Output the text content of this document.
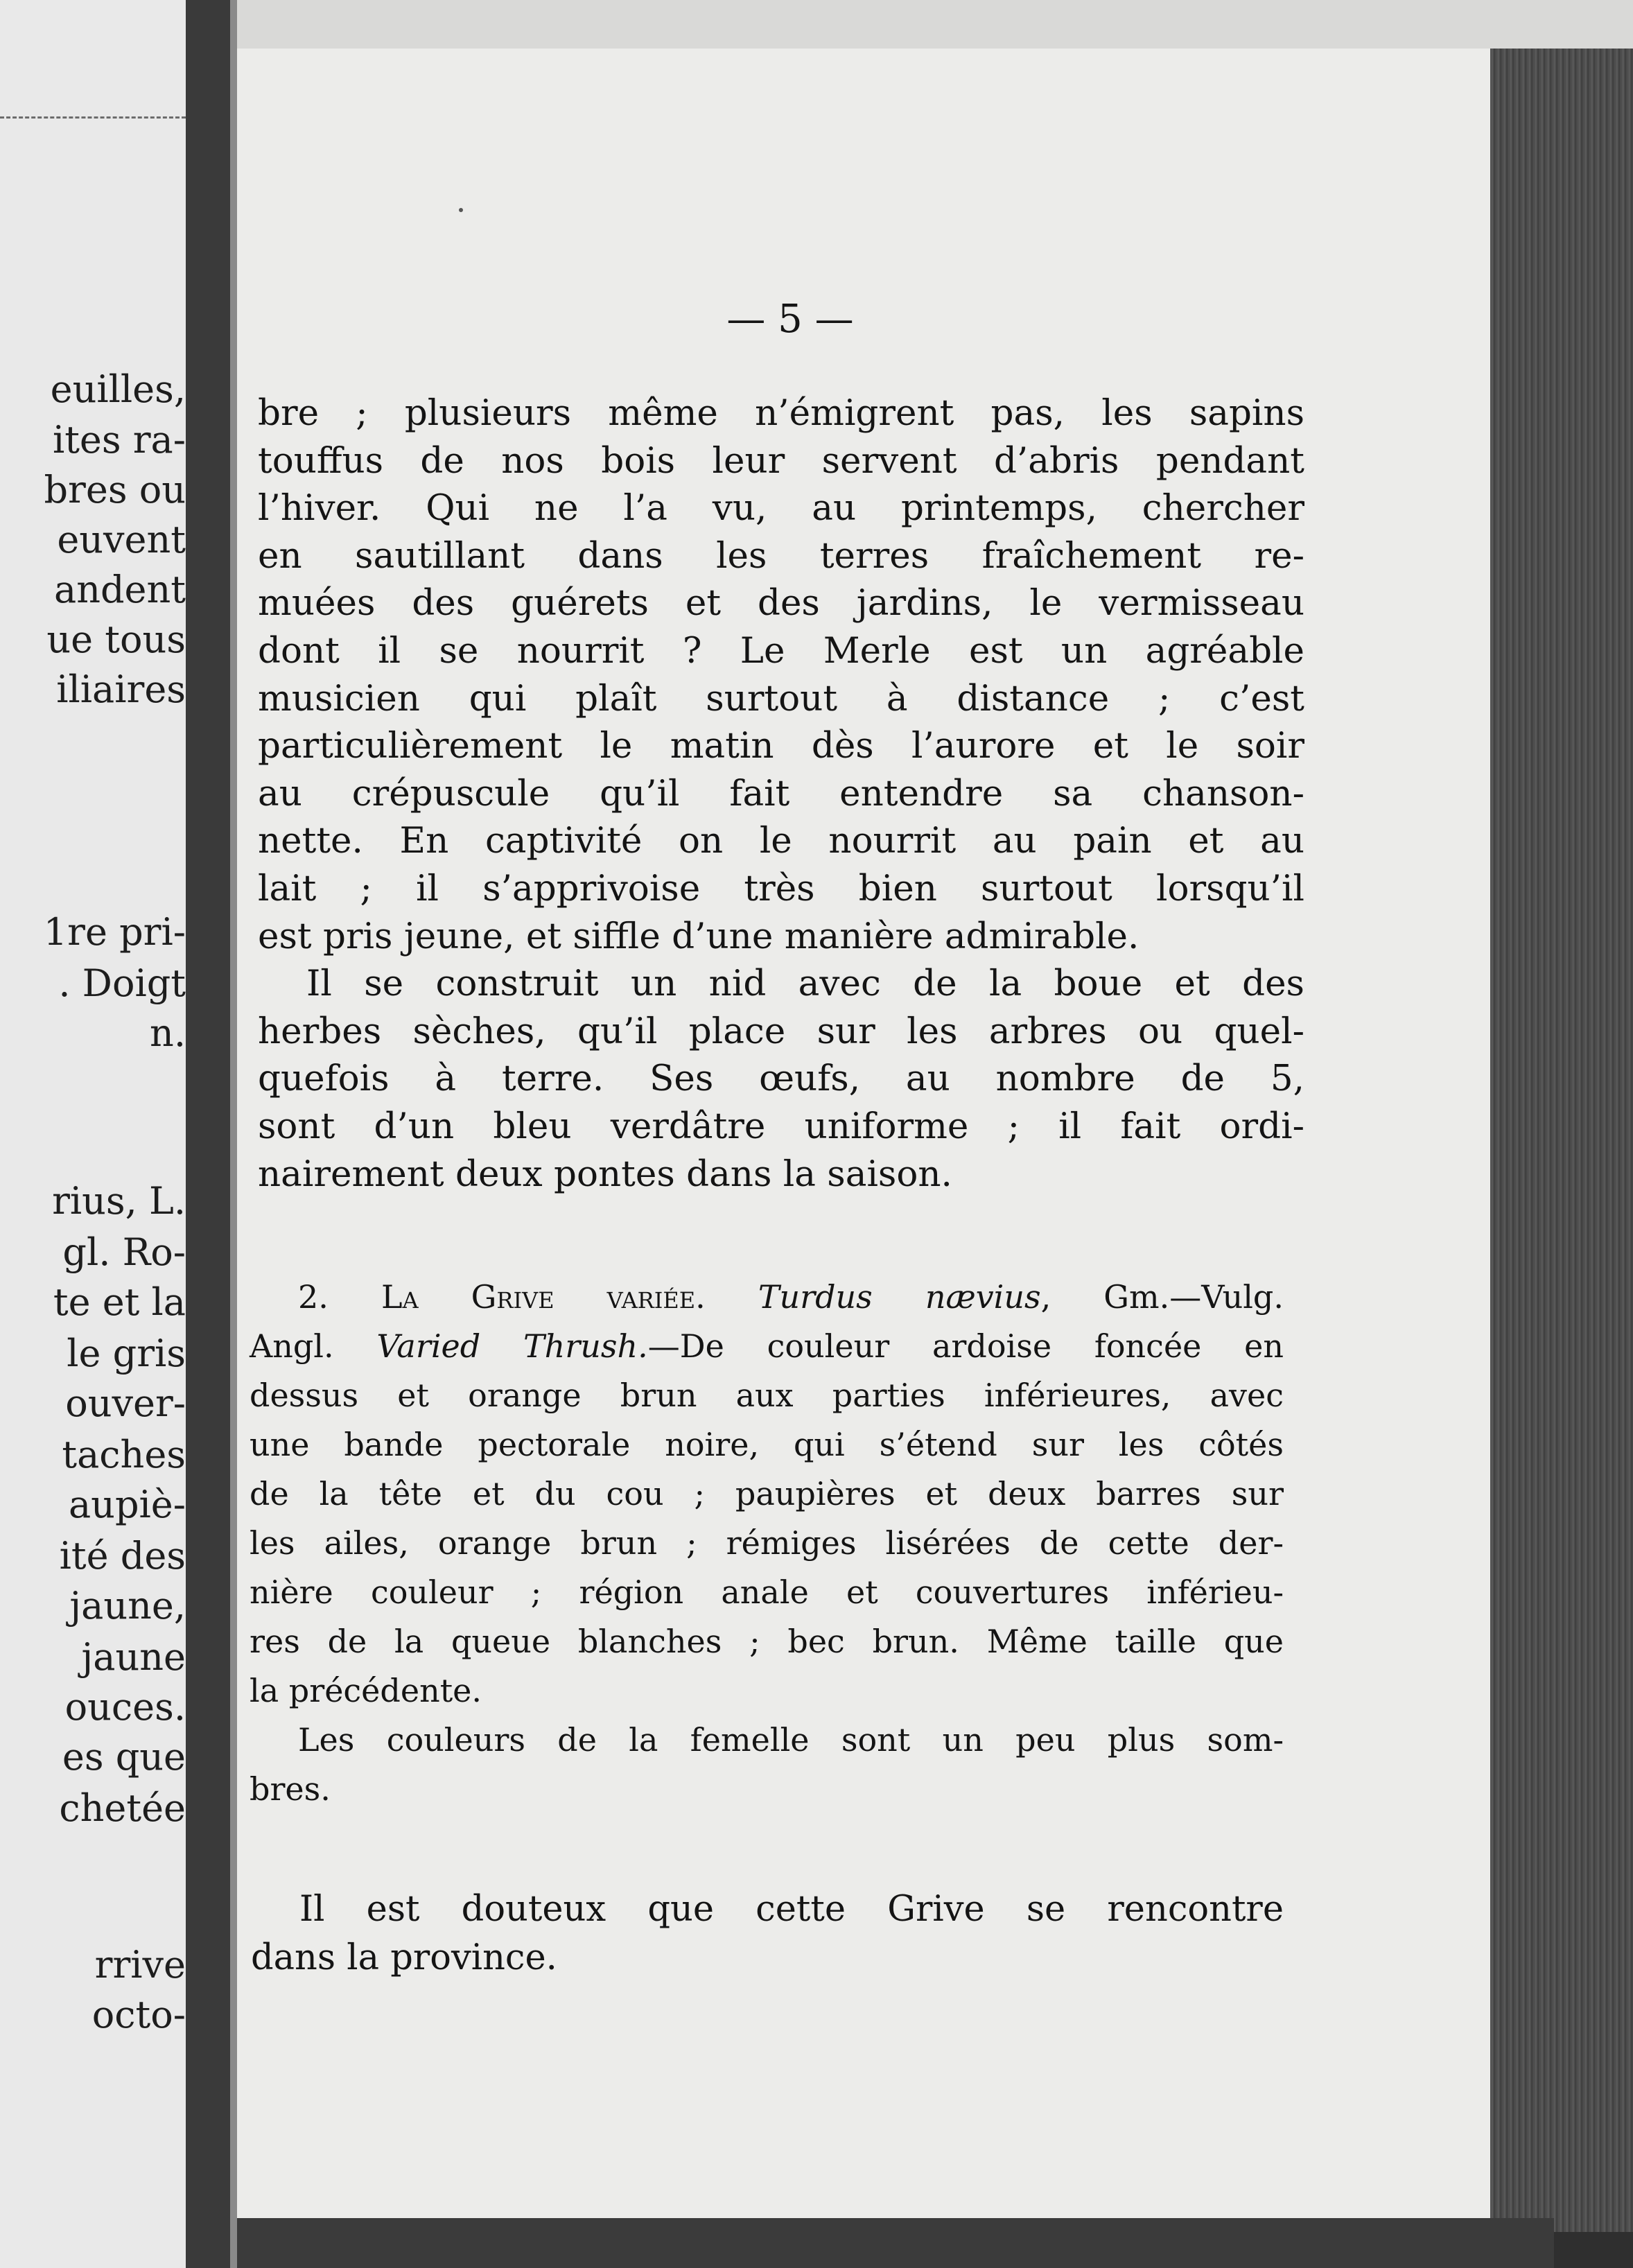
euilles,
ites ra-
bres ou
euvent
andent
ue tous
iliaires
1re pri-
. Doigt
n.
rius, L.
gl. Ro-
te et la
le gris
ouver-
taches
aupiè-
ité des
jaune,
jaune
ouces.
es que
chetée
rrive
octo-
— 5 —
bre ; plusieurs même n’émigrent pas, les sapins
touffus de nos bois leur servent d’abris pendant
l’hiver. Qui ne l’a vu, au printemps, chercher
en sautillant dans les terres fraîchement re-
muées des guérets et des jardins, le vermisseau
dont il se nourrit ? Le Merle est un agréable
musicien qui plaît surtout à distance ; c’est
particulièrement le matin dès l’aurore et le soir
au crépuscule qu’il fait entendre sa chanson-
nette. En captivité on le nourrit au pain et au
lait ; il s’apprivoise très bien surtout lorsqu’il
est pris jeune, et siffle d’une manière admirable.
Il se construit un nid avec de la boue et des
herbes sèches, qu’il place sur les arbres ou quel-
quefois à terre. Ses œufs, au nombre de 5,
sont d’un bleu verdâtre uniforme ; il fait ordi-
nairement deux pontes dans la saison.
2. La Grive variée. Turdus nævius, Gm.—Vulg.
Angl. Varied Thrush.—De couleur ardoise foncée en
dessus et orange brun aux parties inférieures, avec
une bande pectorale noire, qui s’étend sur les côtés
de la tête et du cou ; paupières et deux barres sur
les ailes, orange brun ; rémiges lisérées de cette der-
nière couleur ; région anale et couvertures inférieu-
res de la queue blanches ; bec brun. Même taille que
la précédente.
Les couleurs de la femelle sont un peu plus som-
bres.
Il est douteux que cette Grive se rencontre
dans la province.
